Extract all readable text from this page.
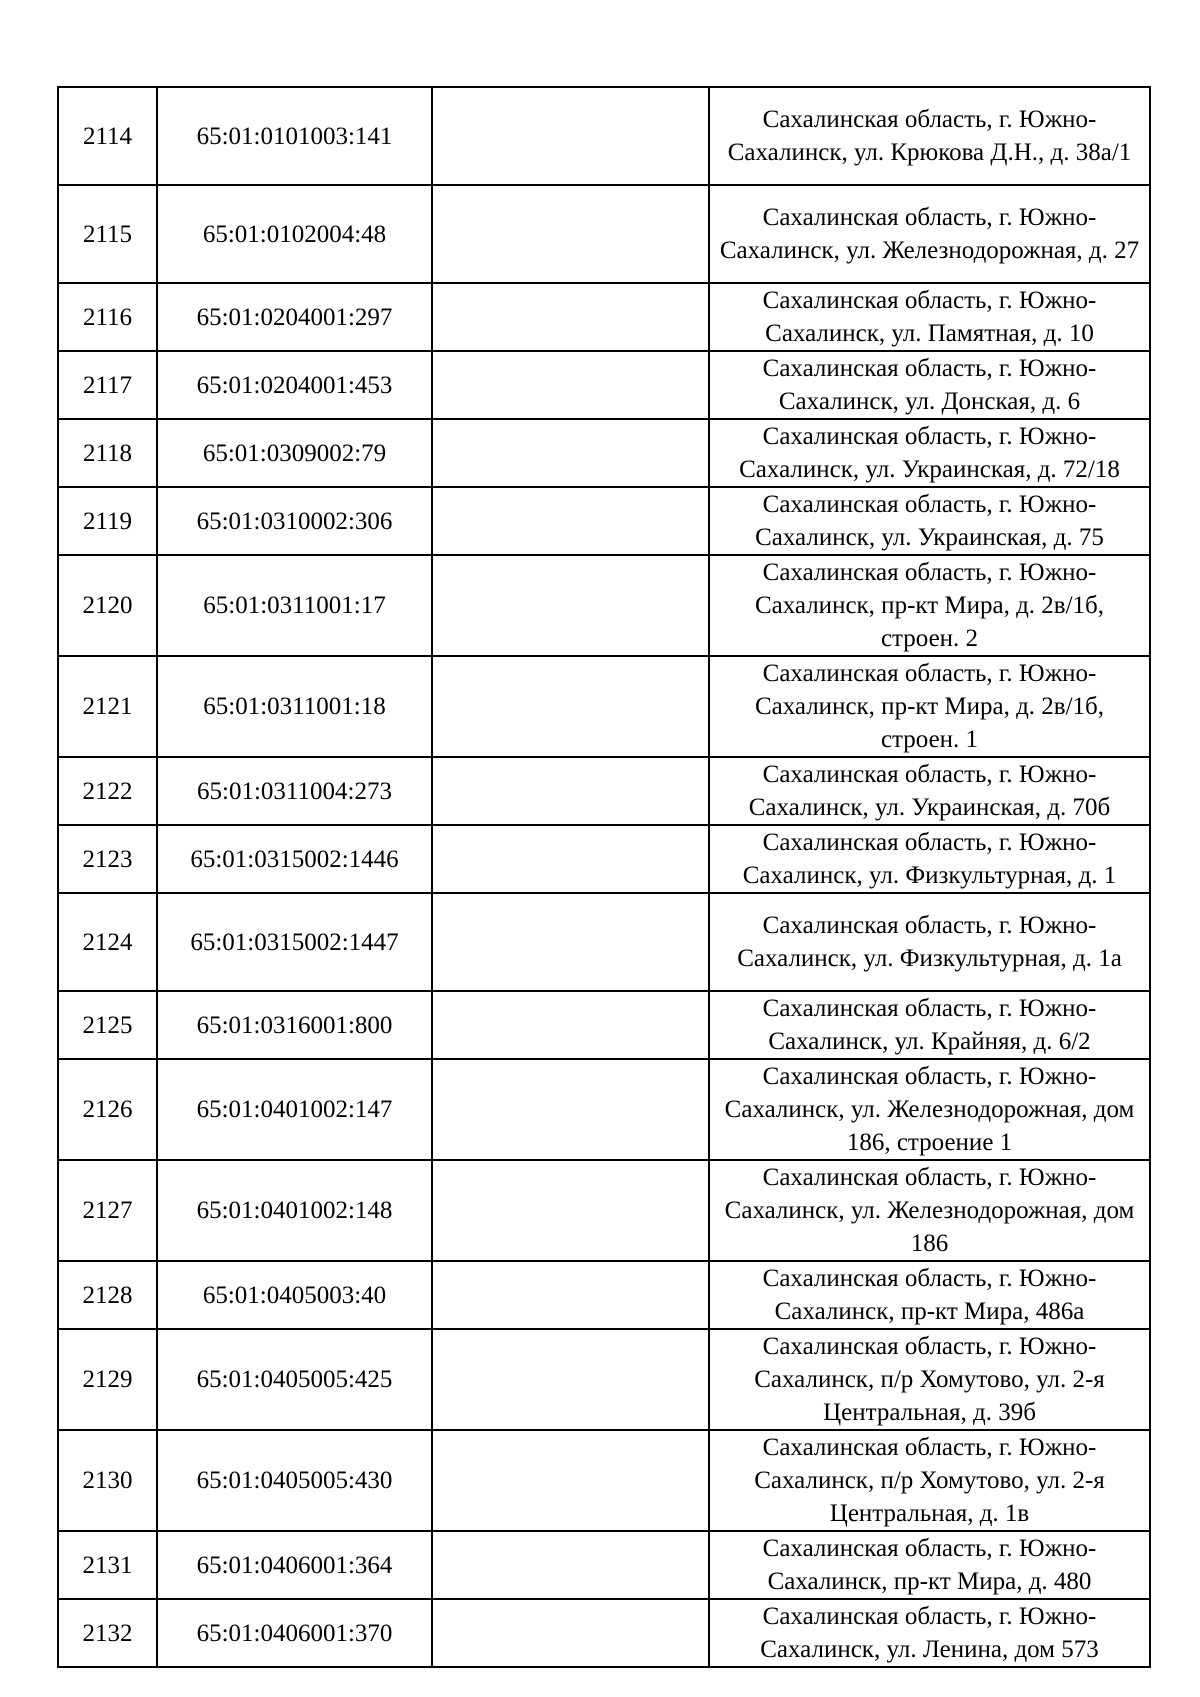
2114	65:01:0101003:141		Сахалинская область, г. Южно-Сахалинск, ул. Крюкова Д.Н., д. 38а/1
2115	65:01:0102004:48		Сахалинская область, г. Южно-Сахалинск, ул. Железнодорожная, д. 27
2116	65:01:0204001:297		Сахалинская область, г. Южно-Сахалинск, ул. Памятная, д. 10
2117	65:01:0204001:453		Сахалинская область, г. Южно-Сахалинск, ул. Донская, д. 6
2118	65:01:0309002:79		Сахалинская область, г. Южно-Сахалинск, ул. Украинская, д. 72/18
2119	65:01:0310002:306		Сахалинская область, г. Южно-Сахалинск, ул. Украинская, д. 75
2120	65:01:0311001:17		Сахалинская область, г. Южно-Сахалинск, пр-кт Мира, д. 2в/1б, строен. 2
2121	65:01:0311001:18		Сахалинская область, г. Южно-Сахалинск, пр-кт Мира, д. 2в/1б, строен. 1
2122	65:01:0311004:273		Сахалинская область, г. Южно-Сахалинск, ул. Украинская, д. 70б
2123	65:01:0315002:1446		Сахалинская область, г. Южно-Сахалинск, ул. Физкультурная, д. 1
2124	65:01:0315002:1447		Сахалинская область, г. Южно-Сахалинск, ул. Физкультурная, д. 1а
2125	65:01:0316001:800		Сахалинская область, г. Южно-Сахалинск, ул. Крайняя, д. 6/2
2126	65:01:0401002:147		Сахалинская область, г. Южно-Сахалинск, ул. Железнодорожная, дом 186, строение 1
2127	65:01:0401002:148		Сахалинская область, г. Южно-Сахалинск, ул. Железнодорожная, дом 186
2128	65:01:0405003:40		Сахалинская область, г. Южно-Сахалинск, пр-кт Мира, 486а
2129	65:01:0405005:425		Сахалинская область, г. Южно-Сахалинск, п/р Хомутово, ул. 2-я Центральная, д. 39б
2130	65:01:0405005:430		Сахалинская область, г. Южно-Сахалинск, п/р Хомутово, ул. 2-я Центральная, д. 1в
2131	65:01:0406001:364		Сахалинская область, г. Южно-Сахалинск, пр-кт Мира, д. 480
2132	65:01:0406001:370		Сахалинская область, г. Южно-Сахалинск, ул. Ленина, дом 573
